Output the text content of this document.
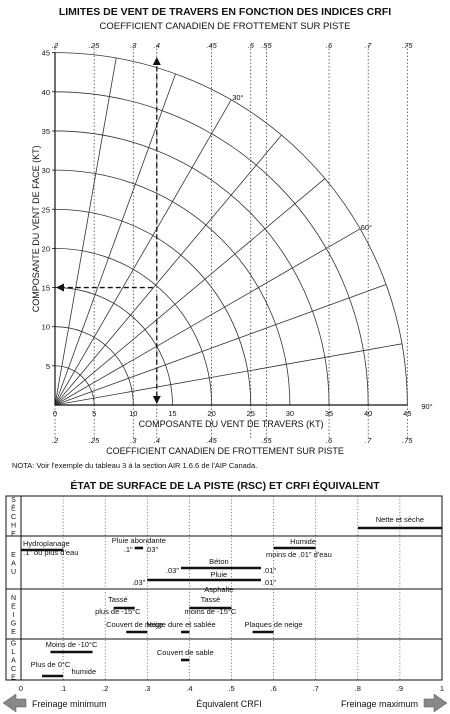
LIMITES DE VENT DE TRAVERS EN FONCTION DES INDICES CRFI
COEFFICIENT CANADIEN DE FROTTEMENT SUR PISTE
.2	.25	.3 .4	.45	.5 .55	.6	.7	.75
.2	.25	.3 .4	.45	.55	.6	.7	.75
5
10
15
20
25
30
35
40
45
0	5	10	15	20	25	30	35	40	45
30°
60°
90°
COMPOSANTE DU VENT DE TRAVERS (KT)
COMPOSANTE DU VENT DE FACE (KT)
COEFFICIENT CANADIEN DE FROTTEMENT SUR PISTE
NOTA: Voir l'exemple du tableau 3 à la section AIR 1.6.6 de l'AIP Canada.
ÉTAT DE SURFACE DE LA PISTE (RSC) ET CRFI ÉQUIVALENT
S
È
C
H
E
E
A
U
N
E
I
G
E
G
L
A
C
E
0	.1	.2	.3	.4	.5	.6	.7	.8	.9	1
Nette et sèche
Hydroplanage
.1" ou plus d'eau
Pluie abondante
.1" .03"
Humide
moins de .01" d'eau
Béton
.03"	.01"
Pluie
Asphalte
.03"	.01"
Tassé
plus de -15°C
Tassé
moins de -15°C
Couvert de neige
Neige dure et sablée	Plaques de neige
Moins de -10°C
Couvert de sable
Plus de 0°C
humide
Freinage minimum	Équivalent CRFI	Freinage maximum
